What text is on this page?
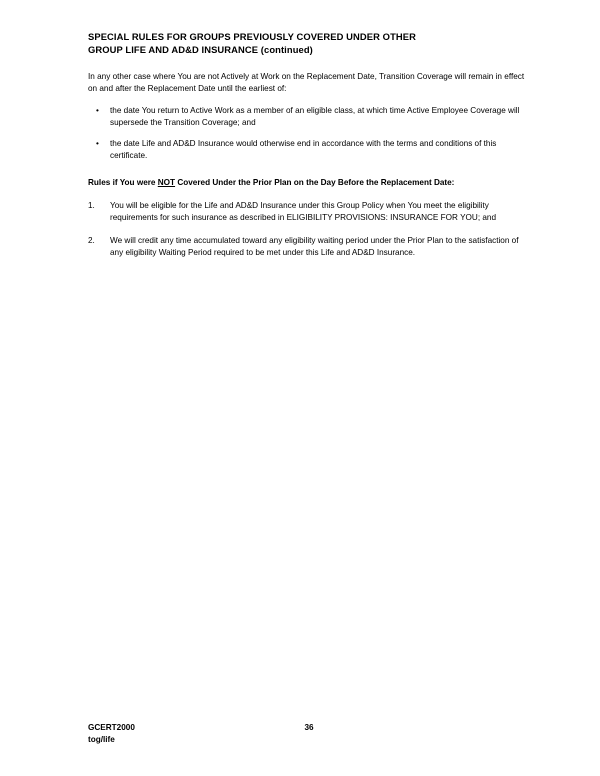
SPECIAL RULES FOR GROUPS PREVIOUSLY COVERED UNDER OTHER
GROUP LIFE AND AD&D INSURANCE (continued)

In any other case where You are not Actively at Work on the Replacement Date, Transition Coverage will remain in effect on and after the Replacement Date until the earliest of:

• the date You return to Active Work as a member of an eligible class, at which time Active Employee Coverage will supersede the Transition Coverage; and
• the date Life and AD&D Insurance would otherwise end in accordance with the terms and conditions of this certificate.
Rules if You were NOT Covered Under the Prior Plan on the Day Before the Replacement Date:
1. You will be eligible for the Life and AD&D Insurance under this Group Policy when You meet the eligibility requirements for such insurance as described in ELIGIBILITY PROVISIONS: INSURANCE FOR YOU; and
2. We will credit any time accumulated toward any eligibility waiting period under the Prior Plan to the satisfaction of any eligibility Waiting Period required to be met under this Life and AD&D Insurance.
GCERT2000	36
tog/life
